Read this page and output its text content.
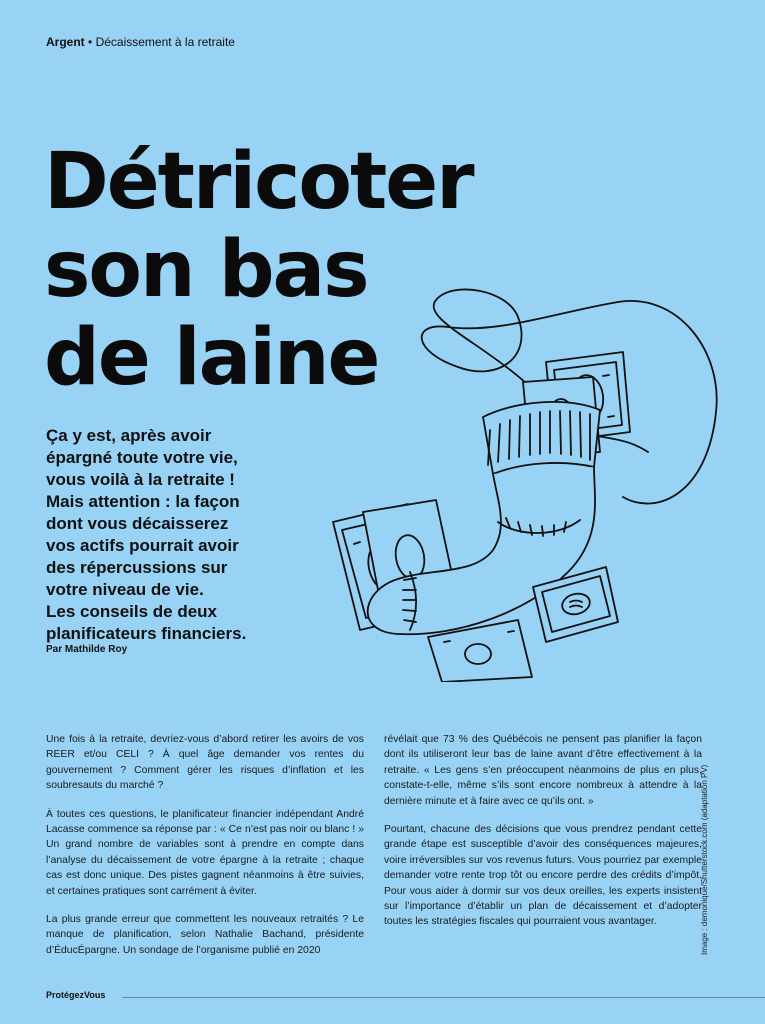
Argent • Décaissement à la retraite
Détricoter
son bas
de laine
Ça y est, après avoir
épargné toute votre vie,
vous voilà à la retraite !
Mais attention : la façon
dont vous décaisserez
vos actifs pourrait avoir
des répercussions sur
votre niveau de vie.
Les conseils de deux
planificateurs financiers.
Par Mathilde Roy

Une fois à la retraite, devriez-vous d’abord retirer les avoirs de vos REER et/ou CELI ? À quel âge demander vos rentes du gouvernement ? Comment gérer les risques d’inflation et les soubresauts du marché ?

À toutes ces questions, le planificateur financier indépendant André Lacasse commence sa réponse par : « Ce n’est pas noir ou blanc ! » Un grand nombre de variables sont à prendre en compte dans l’analyse du décaissement de votre épargne à la retraite ; chaque cas est donc unique. Des pistes gagnent néanmoins à être suivies, et certaines pratiques sont carrément à éviter.

La plus grande erreur que commettent les nouveaux retraités ? Le manque de planification, selon Nathalie Bachand, présidente d’ÉducÉpargne. Un sondage de l’organisme publié en 2020

révélait que 73 % des Québécois ne pensent pas planifier la façon dont ils utiliseront leur bas de laine avant d’être effectivement à la retraite. « Les gens s’en préoccupent néanmoins de plus en plus, constate-t-elle, même s’ils sont encore nombreux à attendre à la dernière minute et à faire avec ce qu’ils ont. »

Pourtant, chacune des décisions que vous prendrez pendant cette grande étape est susceptible d’avoir des conséquences majeures, voire irréversibles sur vos revenus futurs. Vous pourriez par exemple demander votre rente trop tôt ou encore perdre des crédits d’impôt. Pour vous aider à dormir sur vos deux oreilles, les experts insistent sur l’importance d’établir un plan de décaissement et d’adopter toutes les stratégies fiscales qui pourraient vous avantager.	Image : demonique/Shutterstock.com (adaptation PV)
ProtégezVous
